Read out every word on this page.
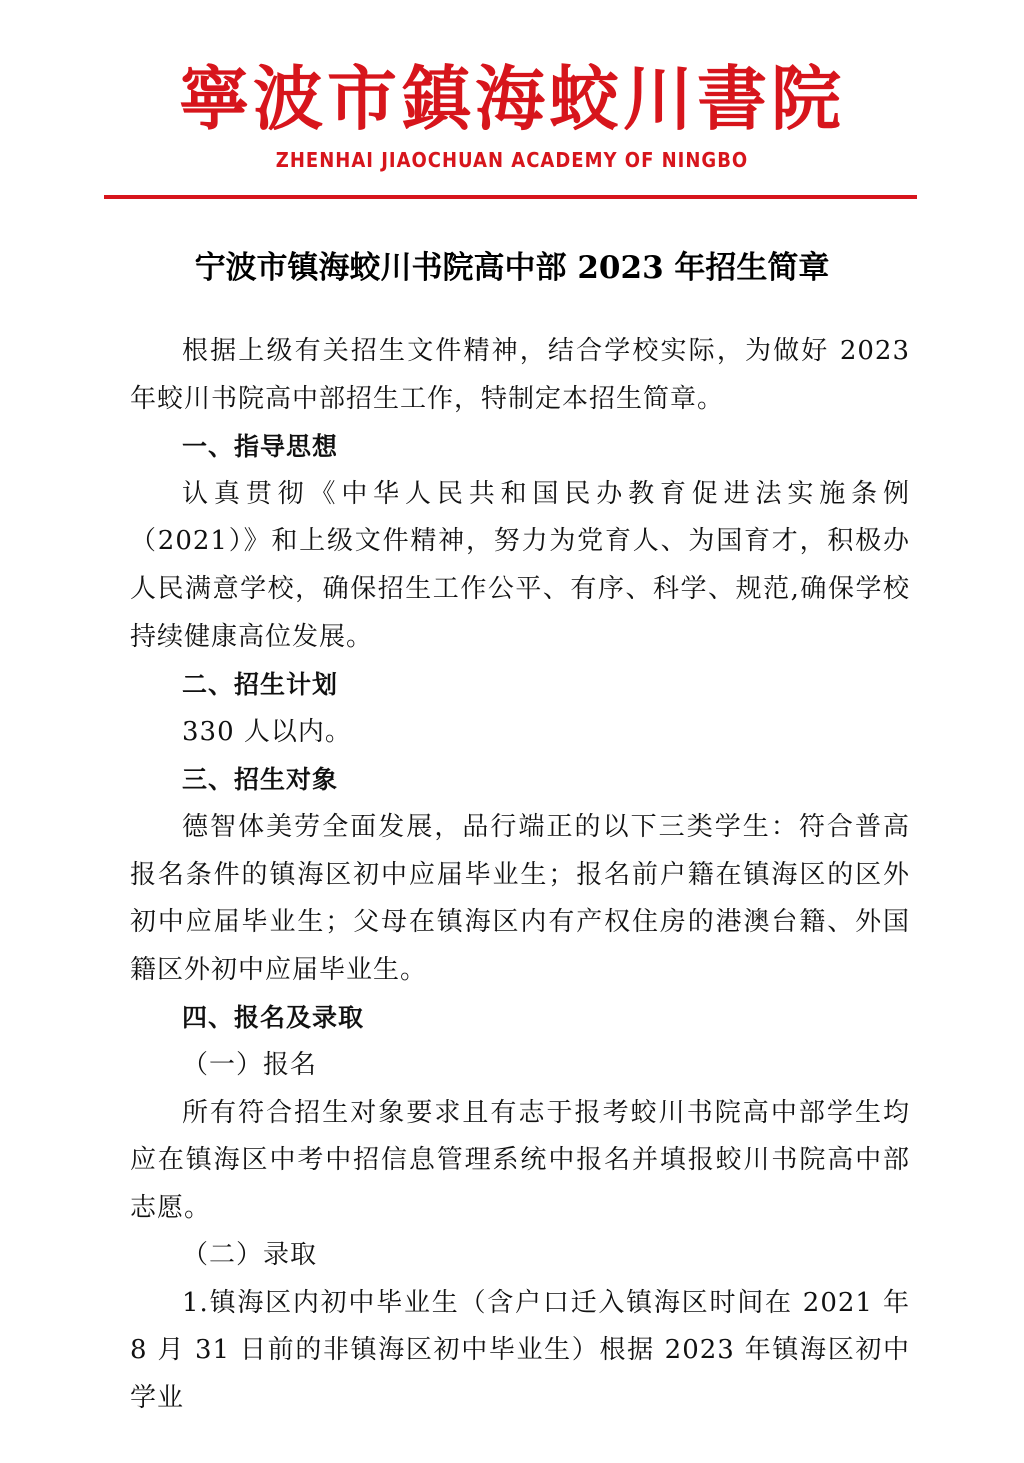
寧波市鎮海蛟川書院
ZHENHAI JIAOCHUAN ACADEMY OF NINGBO
宁波市镇海蛟川书院高中部 2023 年招生简章

根据上级有关招生文件精神，结合学校实际，为做好 2023 年蛟川书院高中部招生工作，特制定本招生简章。

一、指导思想

认真贯彻《中华人民共和国民办教育促进法实施条例（2021）》和上级文件精神，努力为党育人、为国育才，积极办人民满意学校，确保招生工作公平、有序、科学、规范,确保学校持续健康高位发展。

二、招生计划

330 人以内。

三、招生对象

德智体美劳全面发展，品行端正的以下三类学生：符合普高报名条件的镇海区初中应届毕业生；报名前户籍在镇海区的区外初中应届毕业生；父母在镇海区内有产权住房的港澳台籍、外国籍区外初中应届毕业生。

四、报名及录取

（一）报名

所有符合招生对象要求且有志于报考蛟川书院高中部学生均应在镇海区中考中招信息管理系统中报名并填报蛟川书院高中部志愿。

（二）录取

1.镇海区内初中毕业生（含户口迁入镇海区时间在 2021 年 8 月 31 日前的非镇海区初中毕业生）根据 2023 年镇海区初中学业
